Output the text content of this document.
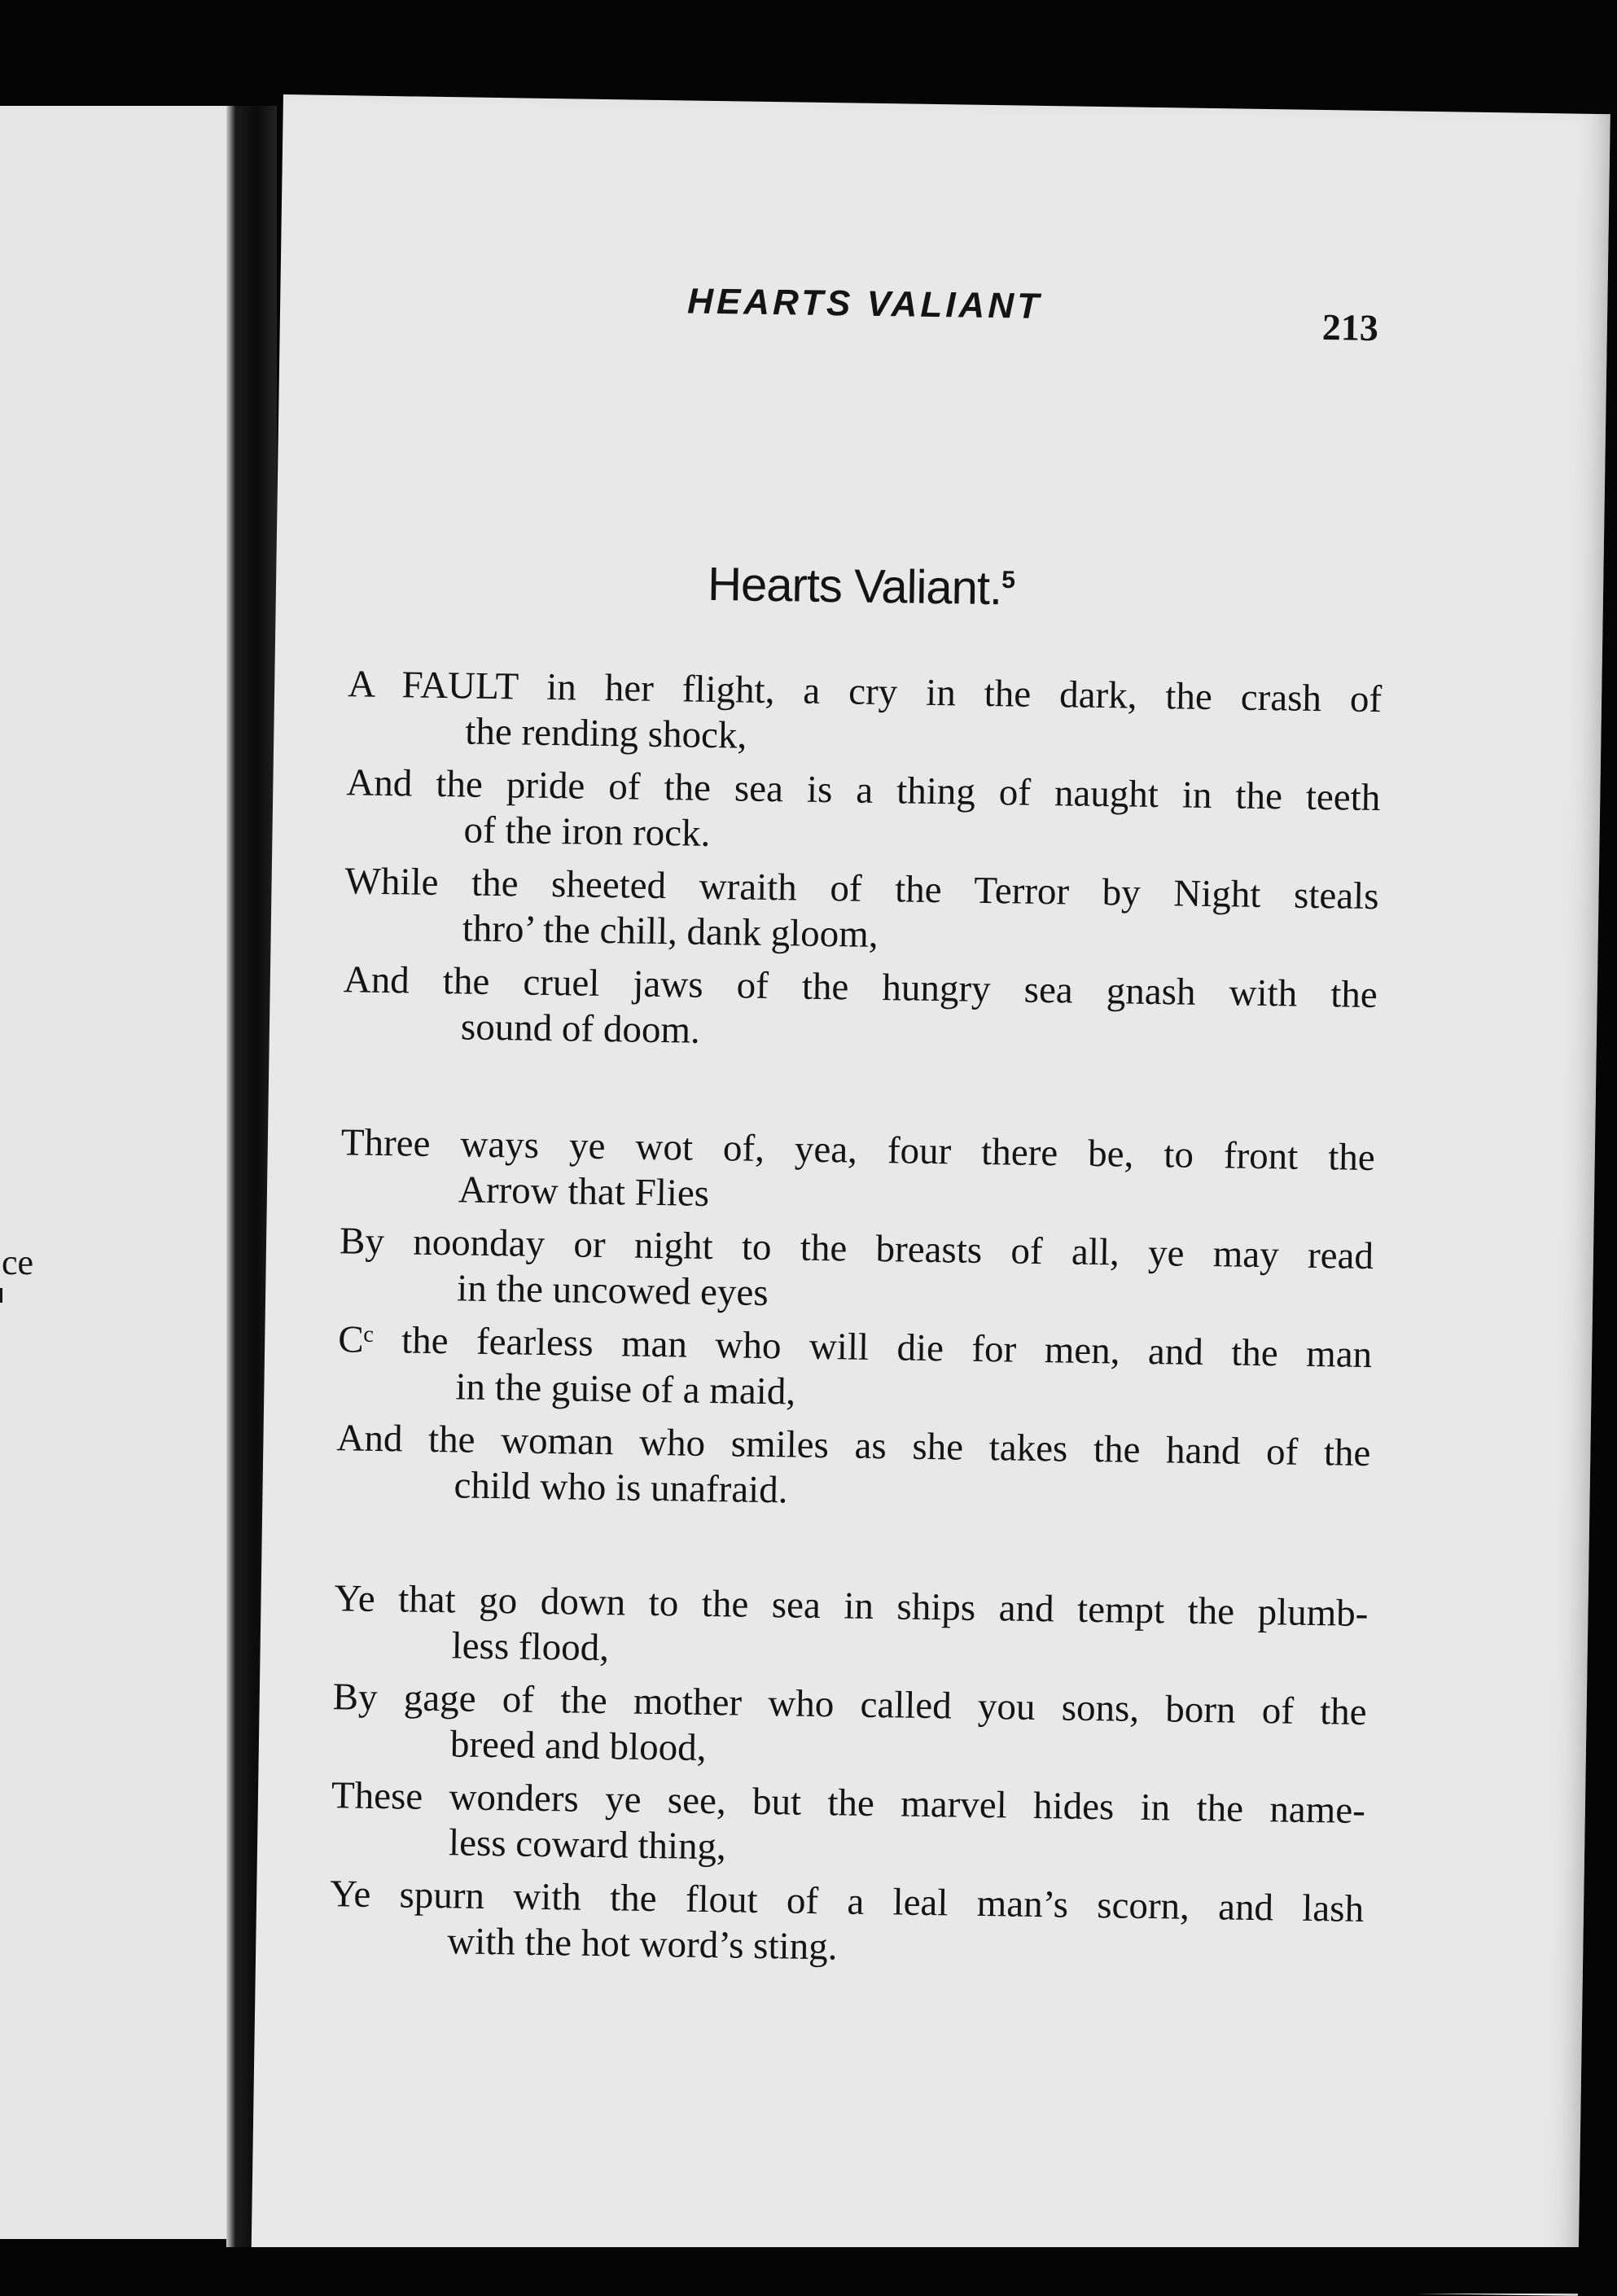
ce
HEARTS VALIANT
213
Hearts Valiant.$^5$
A FAULT in her flight, a cry in the dark, the crash of
the rending shock,
And the pride of the sea is a thing of naught in the teeth
of the iron rock.
While the sheeted wraith of the Terror by Night steals
thro’ the chill, dank gloom,
And the cruel jaws of the hungry sea gnash with the
sound of doom.
Three ways ye wot of, yea, four there be, to front the
Arrow that Flies
By noonday or night to the breasts of all, ye may read
in the uncowed eyes
Cᶜ the fearless man who will die for men, and the man
in the guise of a maid,
And the woman who smiles as she takes the hand of the
child who is unafraid.
Ye that go down to the sea in ships and tempt the plumb-
less flood,
By gage of the mother who called you sons, born of the
breed and blood,
These wonders ye see, but the marvel hides in the name-
less coward thing,
Ye spurn with the flout of a leal man’s scorn, and lash
with the hot word’s sting.
